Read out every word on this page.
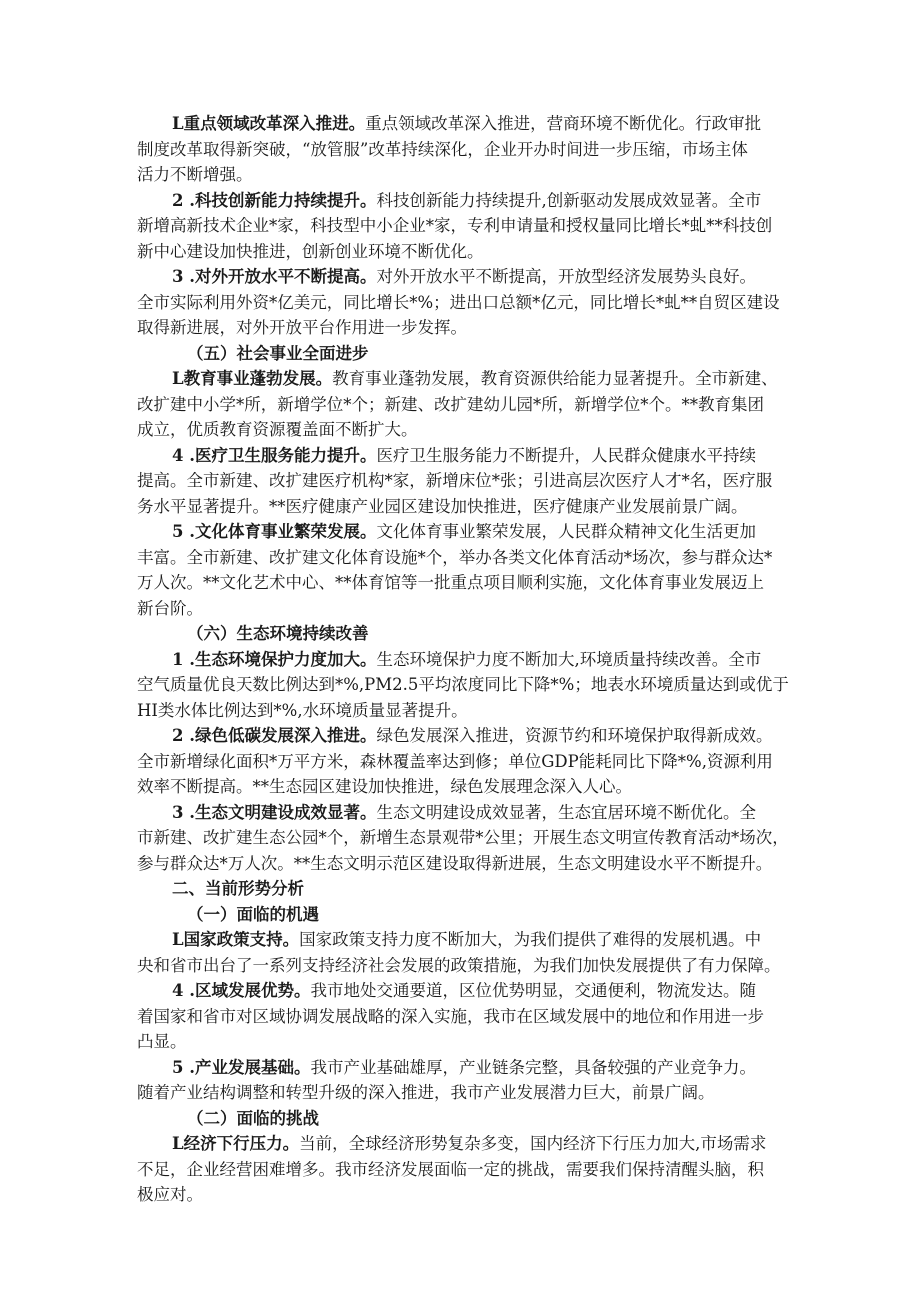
L重点领域改革深入推进。重点领域改革深入推进，营商环境不断优化。行政审批
制度改革取得新突破，“放管服”改革持续深化，企业开办时间进一步压缩，市场主体
活力不断增强。
2 .科技创新能力持续提升。科技创新能力持续提升,创新驱动发展成效显著。全市
新增高新技术企业*家，科技型中小企业*家，专利申请量和授权量同比增长*虬**科技创
新中心建设加快推进，创新创业环境不断优化。
3 .对外开放水平不断提高。对外开放水平不断提高，开放型经济发展势头良好。
全市实际利用外资*亿美元，同比增长*%；进出口总额*亿元，同比增长*虬**自贸区建设
取得新进展，对外开放平台作用进一步发挥。
（五）社会事业全面进步
L教育事业蓬勃发展。教育事业蓬勃发展，教育资源供给能力显著提升。全市新建、
改扩建中小学*所，新增学位*个；新建、改扩建幼儿园*所，新增学位*个。**教育集团
成立，优质教育资源覆盖面不断扩大。
4 .医疗卫生服务能力提升。医疗卫生服务能力不断提升，人民群众健康水平持续
提高。全市新建、改扩建医疗机构*家，新增床位*张；引进高层次医疗人才*名，医疗服
务水平显著提升。**医疗健康产业园区建设加快推进，医疗健康产业发展前景广阔。
5 .文化体育事业繁荣发展。文化体育事业繁荣发展，人民群众精神文化生活更加
丰富。全市新建、改扩建文化体育设施*个，举办各类文化体育活动*场次，参与群众达*
万人次。**文化艺术中心、**体育馆等一批重点项目顺利实施，文化体育事业发展迈上
新台阶。
（六）生态环境持续改善
1 .生态环境保护力度加大。生态环境保护力度不断加大,环境质量持续改善。全市
空气质量优良天数比例达到*%,PM2.5平均浓度同比下降*%；地表水环境质量达到或优于
HI类水体比例达到*%,水环境质量显著提升。
2 .绿色低碳发展深入推进。绿色发展深入推进，资源节约和环境保护取得新成效。
全市新增绿化面积*万平方米，森林覆盖率达到修；单位GDP能耗同比下降*%,资源利用
效率不断提高。**生态园区建设加快推进，绿色发展理念深入人心。
3 .生态文明建设成效显著。生态文明建设成效显著，生态宜居环境不断优化。全
市新建、改扩建生态公园*个，新增生态景观带*公里；开展生态文明宣传教育活动*场次，
参与群众达*万人次。**生态文明示范区建设取得新进展，生态文明建设水平不断提升。
二、当前形势分析
（一）面临的机遇
L国家政策支持。国家政策支持力度不断加大，为我们提供了难得的发展机遇。中
央和省市出台了一系列支持经济社会发展的政策措施，为我们加快发展提供了有力保障。
4 .区域发展优势。我市地处交通要道，区位优势明显，交通便利，物流发达。随
着国家和省市对区域协调发展战略的深入实施，我市在区域发展中的地位和作用进一步
凸显。
5 .产业发展基础。我市产业基础雄厚，产业链条完整，具备较强的产业竞争力。
随着产业结构调整和转型升级的深入推进，我市产业发展潜力巨大，前景广阔。
（二）面临的挑战
L经济下行压力。当前，全球经济形势复杂多变，国内经济下行压力加大,市场需求
不足，企业经营困难增多。我市经济发展面临一定的挑战，需要我们保持清醒头脑，积
极应对。
